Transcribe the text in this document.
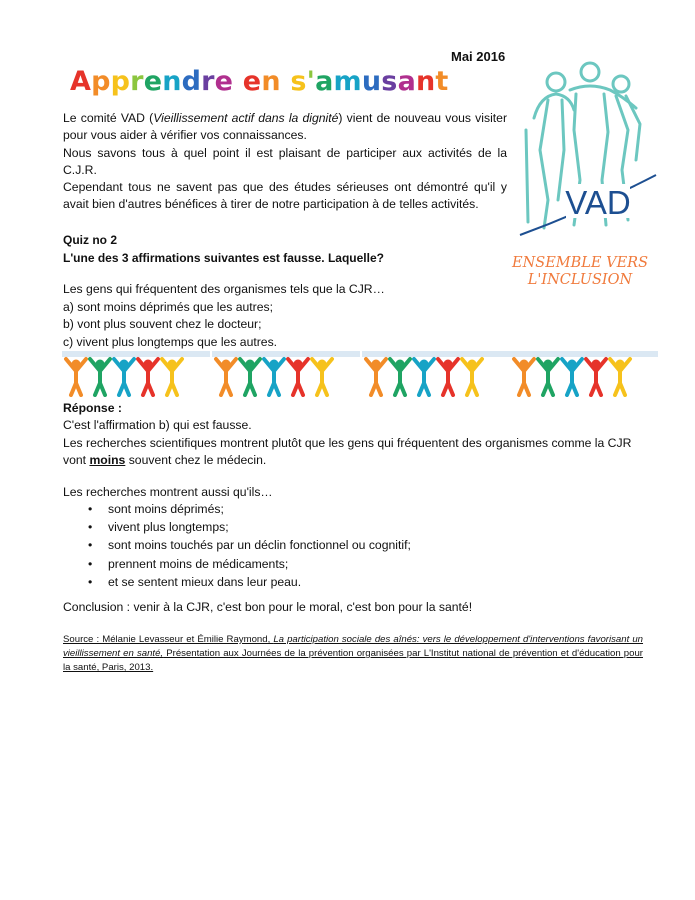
Mai 2016
Apprendre en s'amusant
VAD
ENSEMBLE VERS
L'INCLUSION

Le comité VAD (Vieillissement actif dans la dignité) vient de nouveau vous visiter pour vous aider à vérifier vos connaissances.

Nous savons tous à quel point il est plaisant de participer aux activités de la C.J.R.

Cependant tous ne savent pas que des études sérieuses ont démontré qu'il y avait bien d'autres bénéfices à tirer de notre participation à de telles activités.

Quiz no 2
L'une des 3 affirmations suivantes est fausse. Laquelle?
Les gens qui fréquentent des organismes tels que la CJR…
a) sont moins déprimés que les autres;
b) vont plus souvent chez le docteur;
c) vivent plus longtemps que les autres.
Réponse :
C'est l'affirmation b) qui est fausse.
Les recherches scientifiques montrent plutôt que les gens qui fréquentent des organismes comme la CJR vont moins souvent chez le médecin.
Les recherches montrent aussi qu'ils…
• sont moins déprimés;
• vivent plus longtemps;
• sont moins touchés par un déclin fonctionnel ou cognitif;
• prennent moins de médicaments;
• et se sentent mieux dans leur peau.
Conclusion : venir à la CJR, c'est bon pour le moral, c'est bon pour la santé!
Source : Mélanie Levasseur et Émilie Raymond, La participation sociale des aînés: vers le développement d'interventions favorisant un vieillissement en santé, Présentation aux Journées de la prévention organisées par L'Institut national de prévention et d'éducation pour la santé, Paris, 2013.
